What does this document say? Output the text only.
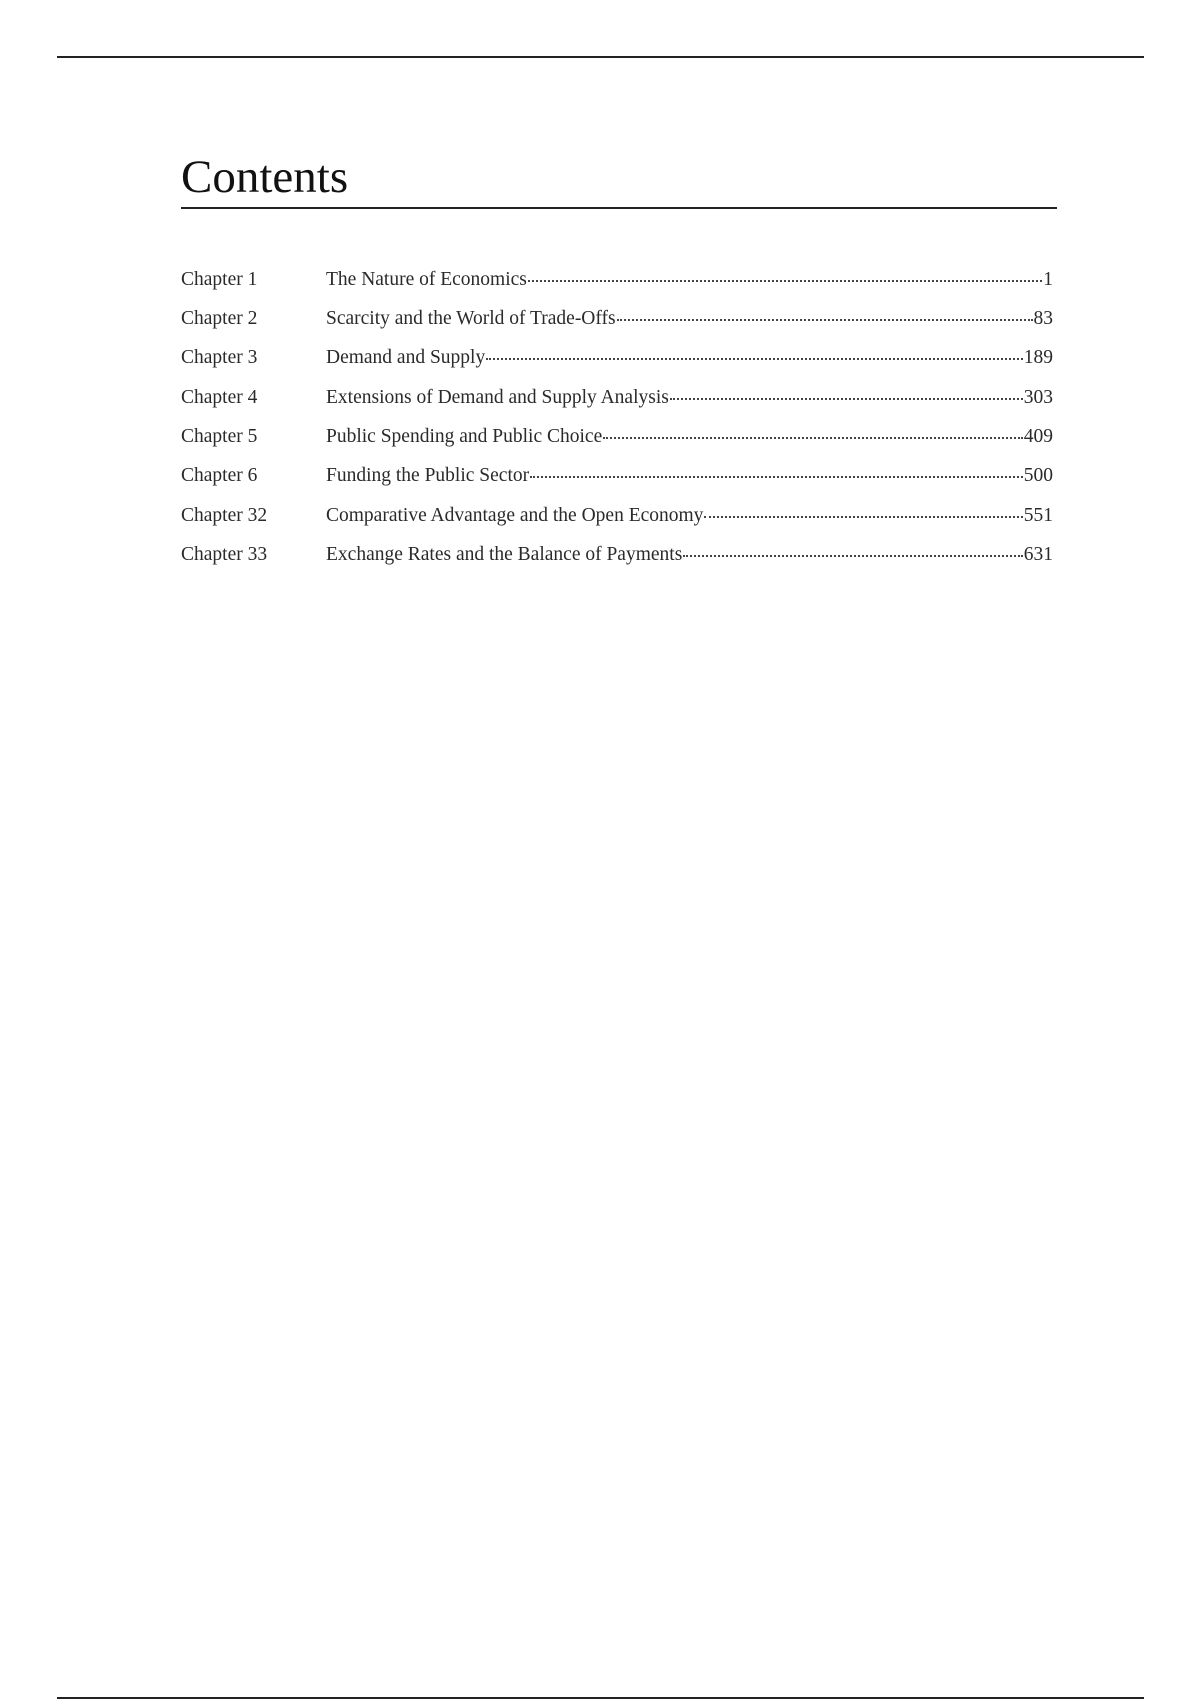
Contents
Chapter 1	The Nature of Economics	1
Chapter 2	Scarcity and the World of Trade-Offs	83
Chapter 3	Demand and Supply	189
Chapter 4	Extensions of Demand and Supply Analysis	303
Chapter 5	Public Spending and Public Choice	409
Chapter 6	Funding the Public Sector	500
Chapter 32	Comparative Advantage and the Open Economy	551
Chapter 33	Exchange Rates and the Balance of Payments	631
